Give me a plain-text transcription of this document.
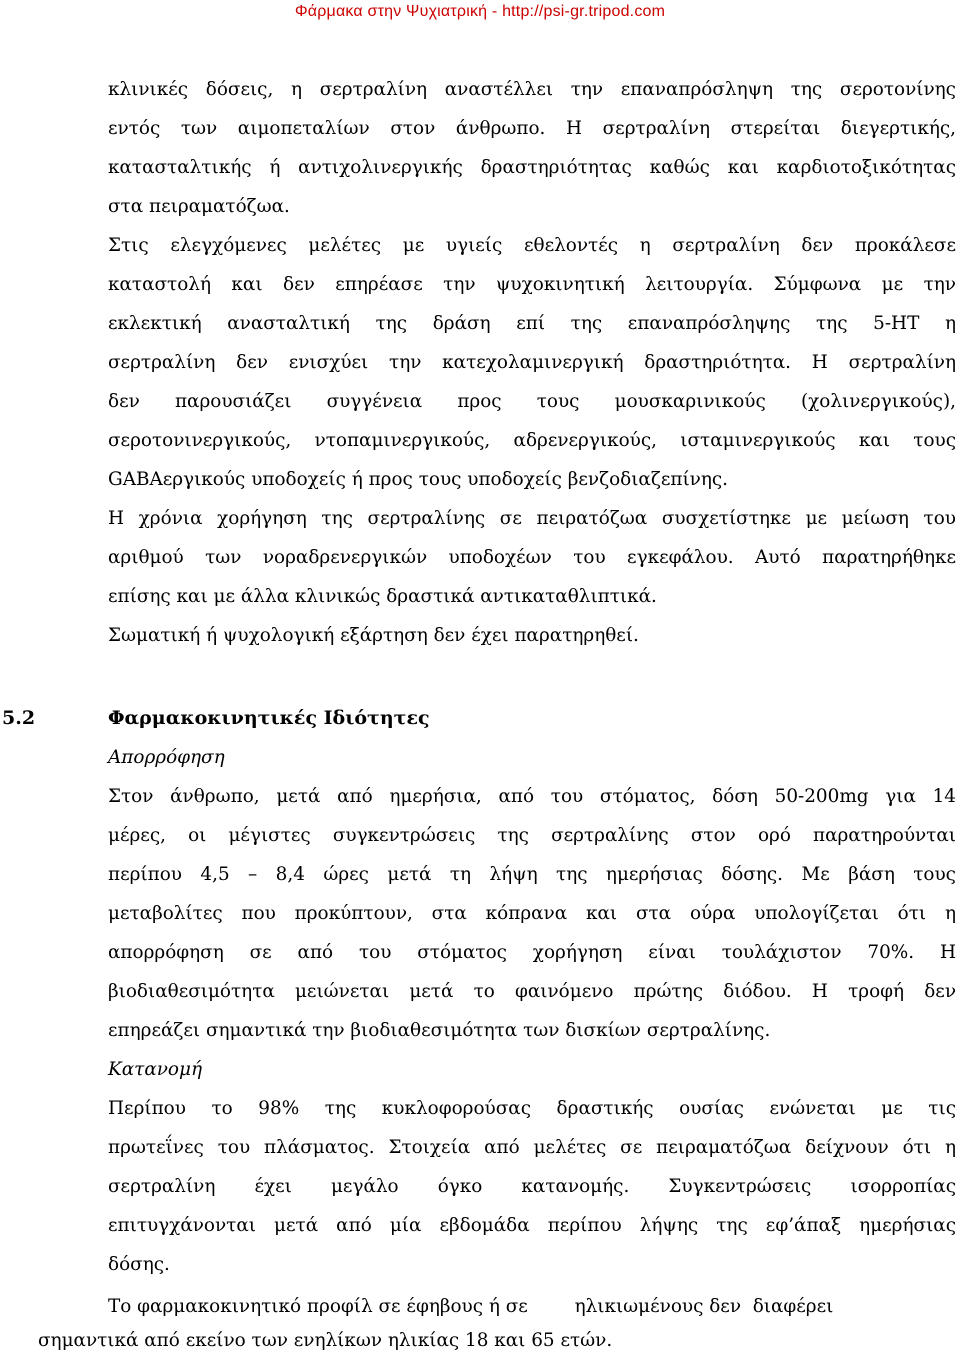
Φάρμακα στην Ψυχιατρική - http://psi-gr.tripod.com
κλινικές δόσεις, η σερτραλίνη αναστέλλει την επαναπρόσληψη της σεροτονίνης
εντός των αιμοπεταλίων στον άνθρωπο. Η σερτραλίνη στερείται διεγερτικής,
κατασταλτικής ή αντιχολινεργικής δραστηριότητας καθώς και καρδιοτοξικότητας
στα πειραματόζωα.
Στις ελεγχόμενες μελέτες με υγιείς εθελοντές η σερτραλίνη δεν προκάλεσε
καταστολή και δεν επηρέασε την ψυχοκινητική λειτουργία. Σύμφωνα με την
εκλεκτική ανασταλτική της δράση επί της επαναπρόσληψης της 5-HT η
σερτραλίνη δεν ενισχύει την κατεχολαμινεργική δραστηριότητα. Η σερτραλίνη
δεν παρουσιάζει συγγένεια προς τους μουσκαρινικούς (χολινεργικούς),
σεροτονινεργικούς, ντοπαμινεργικούς, αδρενεργικούς, ισταμινεργικούς και τους
GABAεργικούς υποδοχείς ή προς τους υποδοχείς βενζοδιαζεπίνης.
Η χρόνια χορήγηση της σερτραλίνης σε πειρατόζωα συσχετίστηκε με μείωση του
αριθμού των νοραδρενεργικών υποδοχέων του εγκεφάλου. Αυτό παρατηρήθηκε
επίσης και με άλλα κλινικώς δραστικά αντικαταθλιπτικά.
Σωματική ή ψυχολογική εξάρτηση δεν έχει παρατηρηθεί.
5.2	Φαρμακοκινητικές Ιδιότητες
Απορρόφηση
Στον άνθρωπο, μετά από ημερήσια, από του στόματος, δόση 50-200mg για 14
μέρες, οι μέγιστες συγκεντρώσεις της σερτραλίνης στον ορό παρατηρούνται
περίπου 4,5 – 8,4 ώρες μετά τη λήψη της ημερήσιας δόσης. Με βάση τους
μεταβολίτες που προκύπτουν, στα κόπρανα και στα ούρα υπολογίζεται ότι η
απορρόφηση σε από του στόματος χορήγηση είναι τουλάχιστον 70%. Η
βιοδιαθεσιμότητα μειώνεται μετά το φαινόμενο πρώτης διόδου. Η τροφή δεν
επηρεάζει σημαντικά την βιοδιαθεσιμότητα των δισκίων σερτραλίνης.
Κατανομή
Περίπου το 98% της κυκλοφορούσας δραστικής ουσίας ενώνεται με τις
πρωτεΐνες του πλάσματος. Στοιχεία από μελέτες σε πειραματόζωα δείχνουν ότι η
σερτραλίνη έχει μεγάλο όγκο κατανομής. Συγκεντρώσεις ισορροπίας
επιτυγχάνονται μετά από μία εβδομάδα περίπου λήψης της εφ’άπαξ ημερήσιας
δόσης.
Το φαρμακοκινητικό προφίλ σε έφηβους ή σε        ηλικιωμένους δεν  διαφέρει
σημαντικά από εκείνο των ενηλίκων ηλικίας 18 και 65 ετών.
